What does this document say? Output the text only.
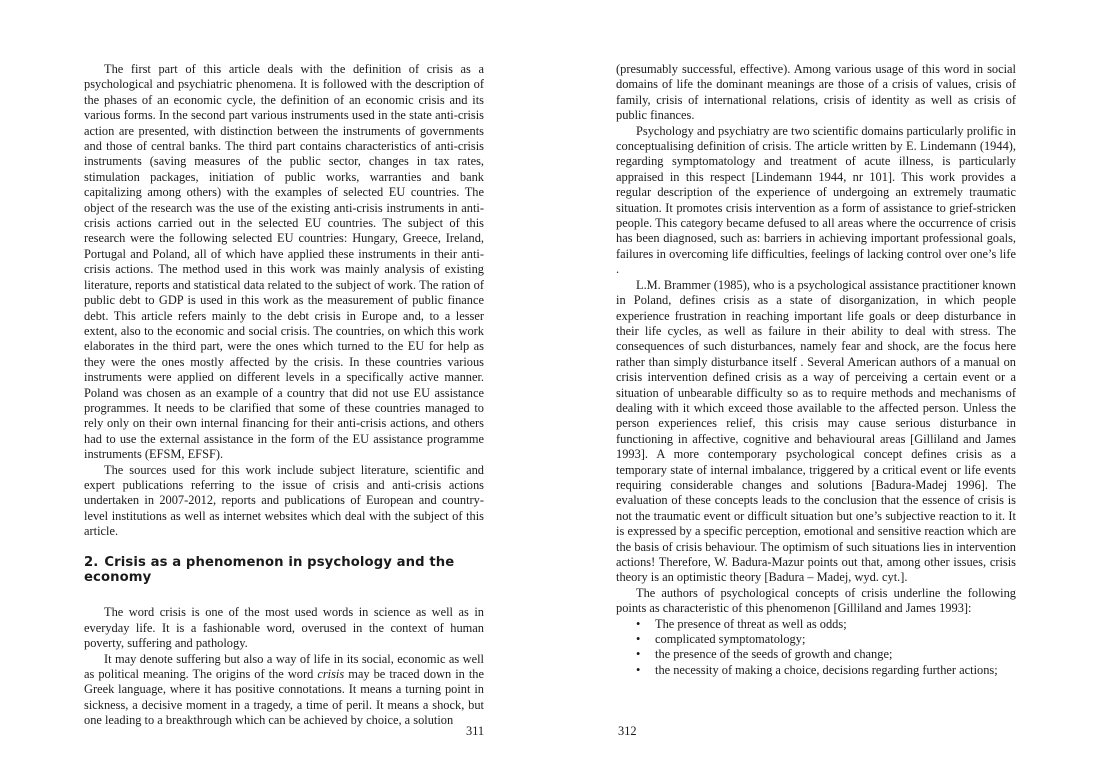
The first part of this article deals with the definition of crisis as a psychological and psychiatric phenomena. It is followed with the description of the phases of an economic cycle, the definition of an economic crisis and its various forms. In the second part various instruments used in the state anti-crisis action are presented, with distinction between the instruments of governments and those of central banks. The third part contains characteristics of anti-crisis instruments (saving measures of the public sector, changes in tax rates, stimulation packages, initiation of public works, warranties and bank capitalizing among others) with the examples of selected EU countries. The object of the research was the use of the existing anti-crisis instruments in anti-crisis actions carried out in the selected EU countries. The subject of this research were the following selected EU countries: Hungary, Greece, Ireland, Portugal and Poland, all of which have applied these instruments in their anti-crisis actions. The method used in this work was mainly analysis of existing literature, reports and statistical data related to the subject of work. The ration of public debt to GDP is used in this work as the measurement of public finance debt. This article refers mainly to the debt crisis in Europe and, to a lesser extent, also to the economic and social crisis. The countries, on which this work elaborates in the third part, were the ones which turned to the EU for help as they were the ones mostly affected by the crisis. In these countries various instruments were applied on different levels in a specifically active manner. Poland was chosen as an example of a country that did not use EU assistance programmes. It needs to be clarified that some of these countries managed to rely only on their own internal financing for their anti-crisis actions, and others had to use the external assistance in the form of the EU assistance programme instruments (EFSM, EFSF).

The sources used for this work include subject literature, scientific and expert publications referring to the issue of crisis and anti-crisis actions undertaken in 2007-2012, reports and publications of European and country-level institutions as well as internet websites which deal with the subject of this article.

2. Crisis as a phenomenon in psychology and the economy

The word crisis is one of the most used words in science as well as in everyday life. It is a fashionable word, overused in the context of human poverty, suffering and pathology.

It may denote suffering but also a way of life in its social, economic as well as political meaning. The origins of the word crisis may be traced down in the Greek language, where it has positive connotations. It means a turning point in sickness, a decisive moment in a tragedy, a time of peril. It means a shock, but one leading to a breakthrough which can be achieved by choice, a solution

(presumably successful, effective). Among various usage of this word in social domains of life the dominant meanings are those of a crisis of values, crisis of family, crisis of international relations, crisis of identity as well as crisis of public finances.

Psychology and psychiatry are two scientific domains particularly prolific in conceptualising definition of crisis. The article written by E. Lindemann (1944), regarding symptomatology and treatment of acute illness, is particularly appraised in this respect [Lindemann 1944, nr 101]. This work provides a regular description of the experience of undergoing an extremely traumatic situation. It promotes crisis intervention as a form of assistance to grief-stricken people. This category became defused to all areas where the occurrence of crisis has been diagnosed, such as: barriers in achieving important professional goals, failures in overcoming life difficulties, feelings of lacking control over one’s life .

L.M. Brammer (1985), who is a psychological assistance practitioner known in Poland, defines crisis as a state of disorganization, in which people experience frustration in reaching important life goals or deep disturbance in their life cycles, as well as failure in their ability to deal with stress. The consequences of such disturbances, namely fear and shock, are the focus here rather than simply disturbance itself . Several American authors of a manual on crisis intervention defined crisis as a way of perceiving a certain event or a situation of unbearable difficulty so as to require methods and mechanisms of dealing with it which exceed those available to the affected person. Unless the person experiences relief, this crisis may cause serious disturbance in functioning in affective, cognitive and behavioural areas [Gilliland and James 1993]. A more contemporary psychological concept defines crisis as a temporary state of internal imbalance, triggered by a critical event or life events requiring considerable changes and solutions [Badura-Madej 1996]. The evaluation of these concepts leads to the conclusion that the essence of crisis is not the traumatic event or difficult situation but one’s subjective reaction to it. It is expressed by a specific perception, emotional and sensitive reaction which are the basis of crisis behaviour. The optimism of such situations lies in intervention actions! Therefore, W. Badura-Mazur points out that, among other issues, crisis theory is an optimistic theory [Badura – Madej, wyd. cyt.].

The authors of psychological concepts of crisis underline the following points as characteristic of this phenomenon [Gilliland and James 1993]:

• The presence of threat as well as odds;
• complicated symptomatology;
• the presence of the seeds of growth and change;
• the necessity of making a choice, decisions regarding further actions;
311	312
